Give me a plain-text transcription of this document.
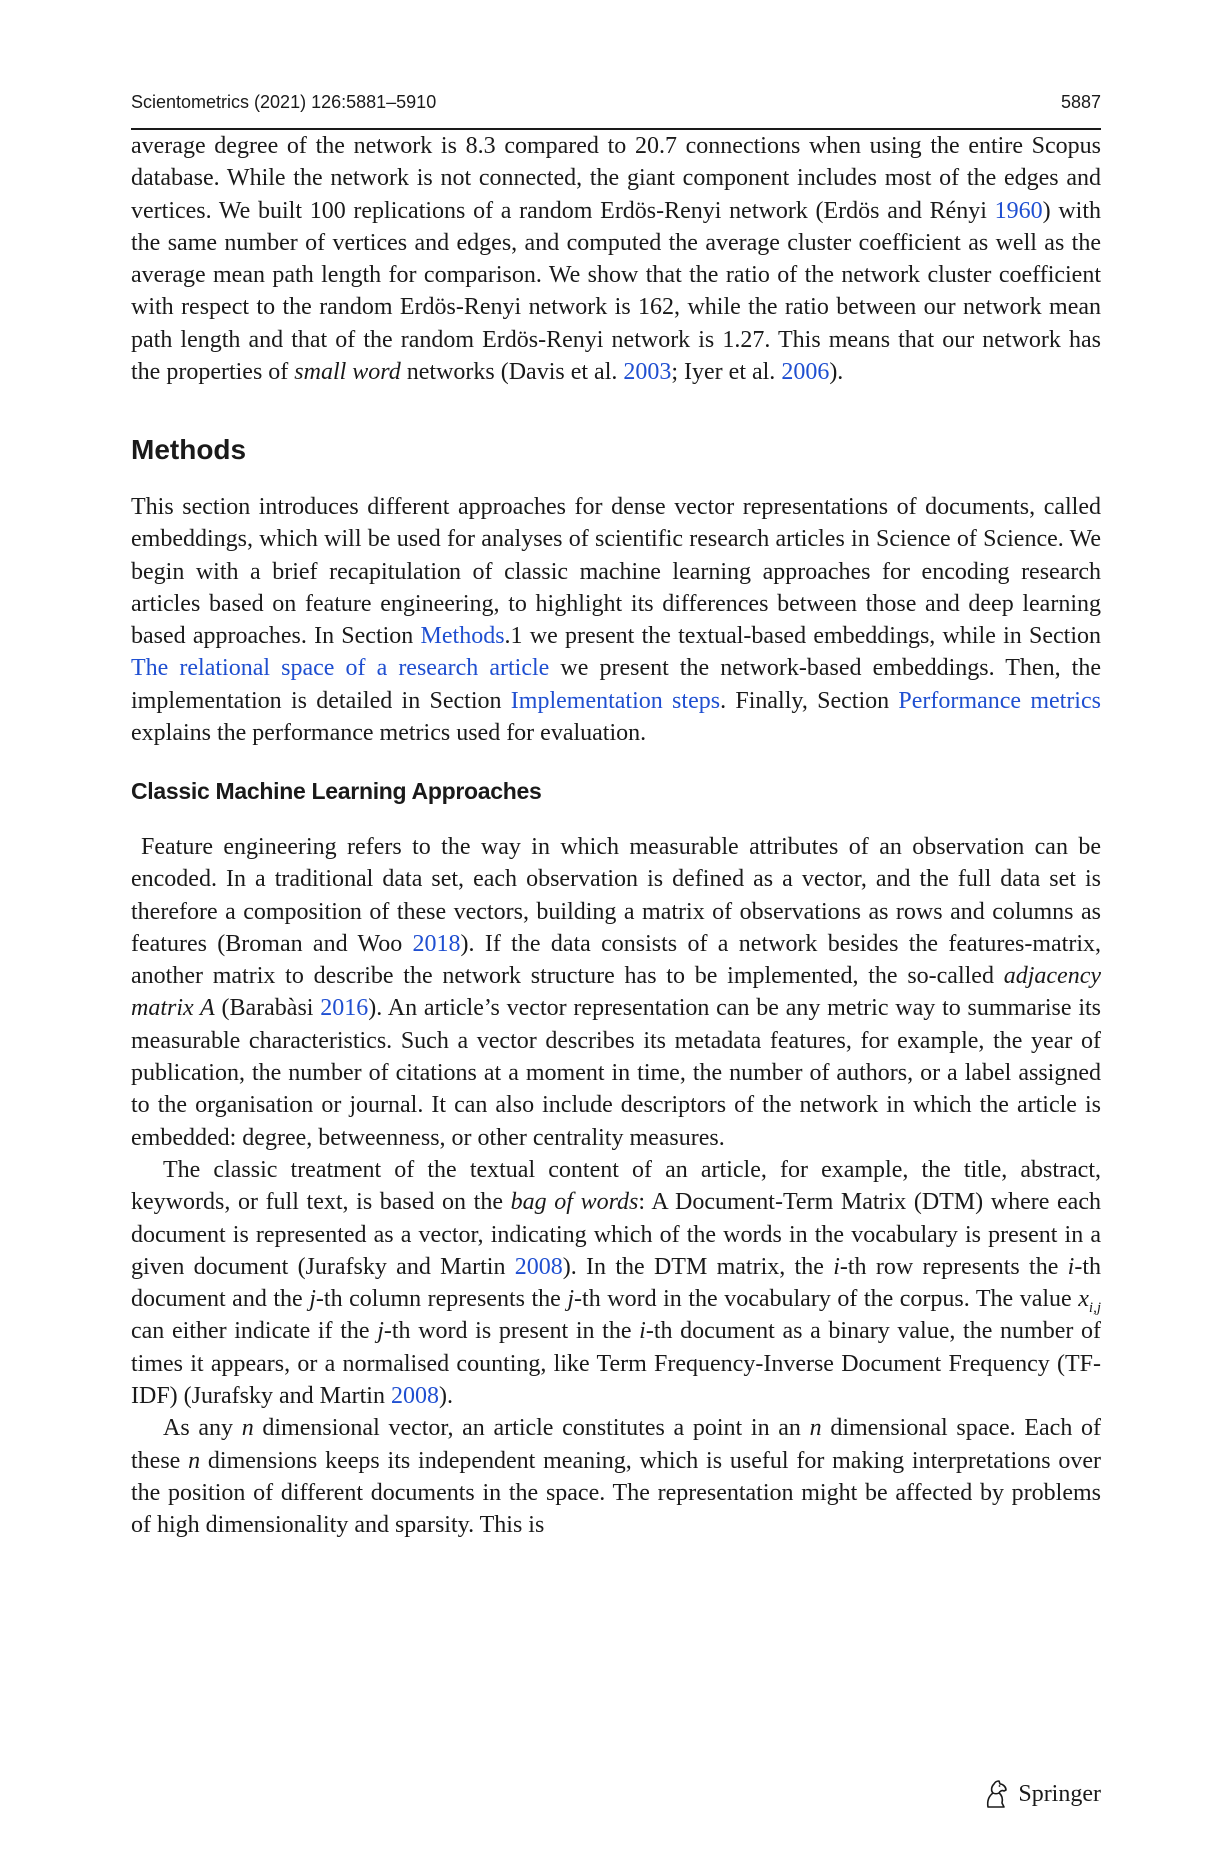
Scientometrics (2021) 126:5881–5910	5887

average degree of the network is 8.3 compared to 20.7 connections when using the entire Scopus database. While the network is not connected, the giant component includes most of the edges and vertices. We built 100 replications of a random Erdös-Renyi network (Erdös and Rényi 1960) with the same number of vertices and edges, and computed the average cluster coefficient as well as the average mean path length for comparison. We show that the ratio of the network cluster coefficient with respect to the random Erdös-Renyi network is 162, while the ratio between our network mean path length and that of the random Erdös-Renyi network is 1.27. This means that our network has the properties of small word networks (Davis et al. 2003; Iyer et al. 2006).

Methods

This section introduces different approaches for dense vector representations of documents, called embeddings, which will be used for analyses of scientific research articles in Science of Science. We begin with a brief recapitulation of classic machine learning approaches for encoding research articles based on feature engineering, to highlight its differences between those and deep learning based approaches. In Section Methods.1 we present the textual-based embeddings, while in Section The relational space of a research article we present the network-based embeddings. Then, the implementation is detailed in Section Implementation steps. Finally, Section Performance metrics explains the performance metrics used for evaluation.

Classic Machine Learning Approaches

Feature engineering refers to the way in which measurable attributes of an observation can be encoded. In a traditional data set, each observation is defined as a vector, and the full data set is therefore a composition of these vectors, building a matrix of observations as rows and columns as features (Broman and Woo 2018). If the data consists of a network besides the features-matrix, another matrix to describe the network structure has to be implemented, the so-called adjacency matrix A (Barabàsi 2016). An article’s vector representation can be any metric way to summarise its measurable characteristics. Such a vector describes its metadata features, for example, the year of publication, the number of citations at a moment in time, the number of authors, or a label assigned to the organisation or journal. It can also include descriptors of the network in which the article is embedded: degree, betweenness, or other centrality measures.

The classic treatment of the textual content of an article, for example, the title, abstract, keywords, or full text, is based on the bag of words: A Document-Term Matrix (DTM) where each document is represented as a vector, indicating which of the words in the vocabulary is present in a given document (Jurafsky and Martin 2008). In the DTM matrix, the i-th row represents the i-th document and the j-th column represents the j-th word in the vocabulary of the corpus. The value $x_{i,j}$ can either indicate if the j-th word is present in the i-th document as a binary value, the number of times it appears, or a normalised counting, like Term Frequency-Inverse Document Frequency (TF-IDF) (Jurafsky and Martin 2008).

As any n dimensional vector, an article constitutes a point in an n dimensional space. Each of these n dimensions keeps its independent meaning, which is useful for making interpretations over the position of different documents in the space. The representation might be affected by problems of high dimensionality and sparsity. This is

Springer
